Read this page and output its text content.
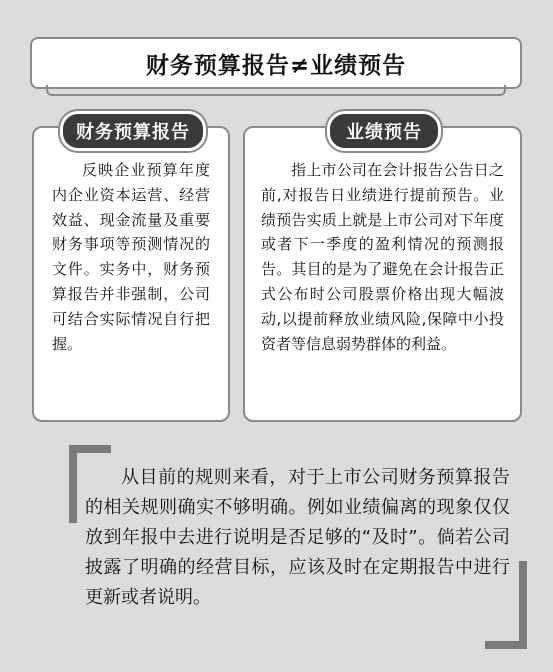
财务预算报告≠业绩预告
财务预算报告

反映企业预算年度内企业资本运营、经营效益、现金流量及重要财务事项等预测情况的文件。实务中，财务预算报告并非强制，公司可结合实际情况自行把握。

业绩预告

指上市公司在会计报告公告日之前,对报告日业绩进行提前预告。业绩预告实质上就是上市公司对下年度或者下一季度的盈利情况的预测报告。其目的是为了避免在会计报告正式公布时公司股票价格出现大幅波动,以提前释放业绩风险,保障中小投资者等信息弱势群体的利益。

从目前的规则来看，对于上市公司财务预算报告的相关规则确实不够明确。例如业绩偏离的现象仅仅放到年报中去进行说明是否足够的“及时”。倘若公司披露了明确的经营目标，应该及时在定期报告中进行更新或者说明。
